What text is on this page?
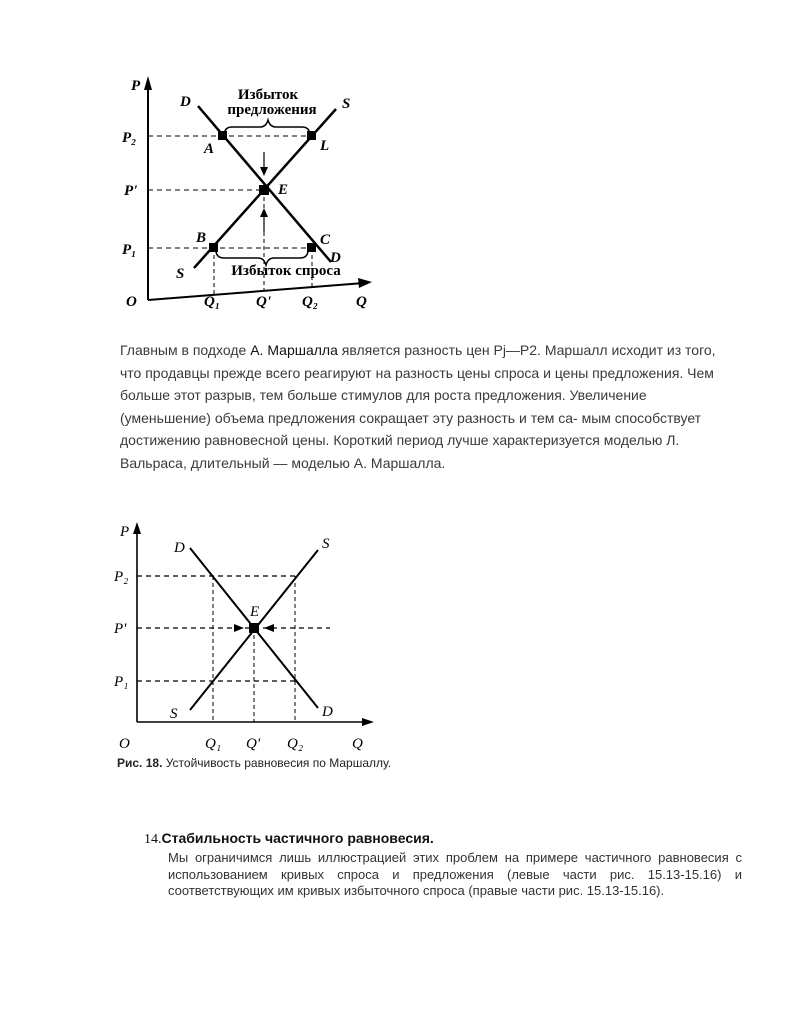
P
Q
O
P₂
P'
P₁
Q₁ Q' Q₂
D	S
S
D
A	L
E
B	C
Избыток
предложения
Избыток спроса

Главным в подходе А. Маршалла является разность цен Pj—P2. Маршалл исходит из того, что продавцы прежде всего реагируют на разность цены спроса и цены предложения. Чем больше этот разрыв, тем больше стимулов для роста предложения. Увеличение (уменьшение) объема предложения сокращает эту разность и тем са- мым способствует достижению равновесной цены. Короткий период лучше характеризуется моделью Л. Вальраса, длительный — моделью А. Маршалла.

P
Q
O
P₂
P'
P₁
Q₁ Q' Q₂
D	S
S	D
E
Рис. 18. Устойчивость равновесия по Маршаллу.
14.Стабильность частичного равновесия.

Мы ограничимся лишь иллюстрацией этих проблем на примере частичного равновесия с использованием кривых спроса и предложения (левые части рис. 15.13-15.16) и соответствующих им кривых избыточного спроса (правые части рис. 15.13-15.16).
